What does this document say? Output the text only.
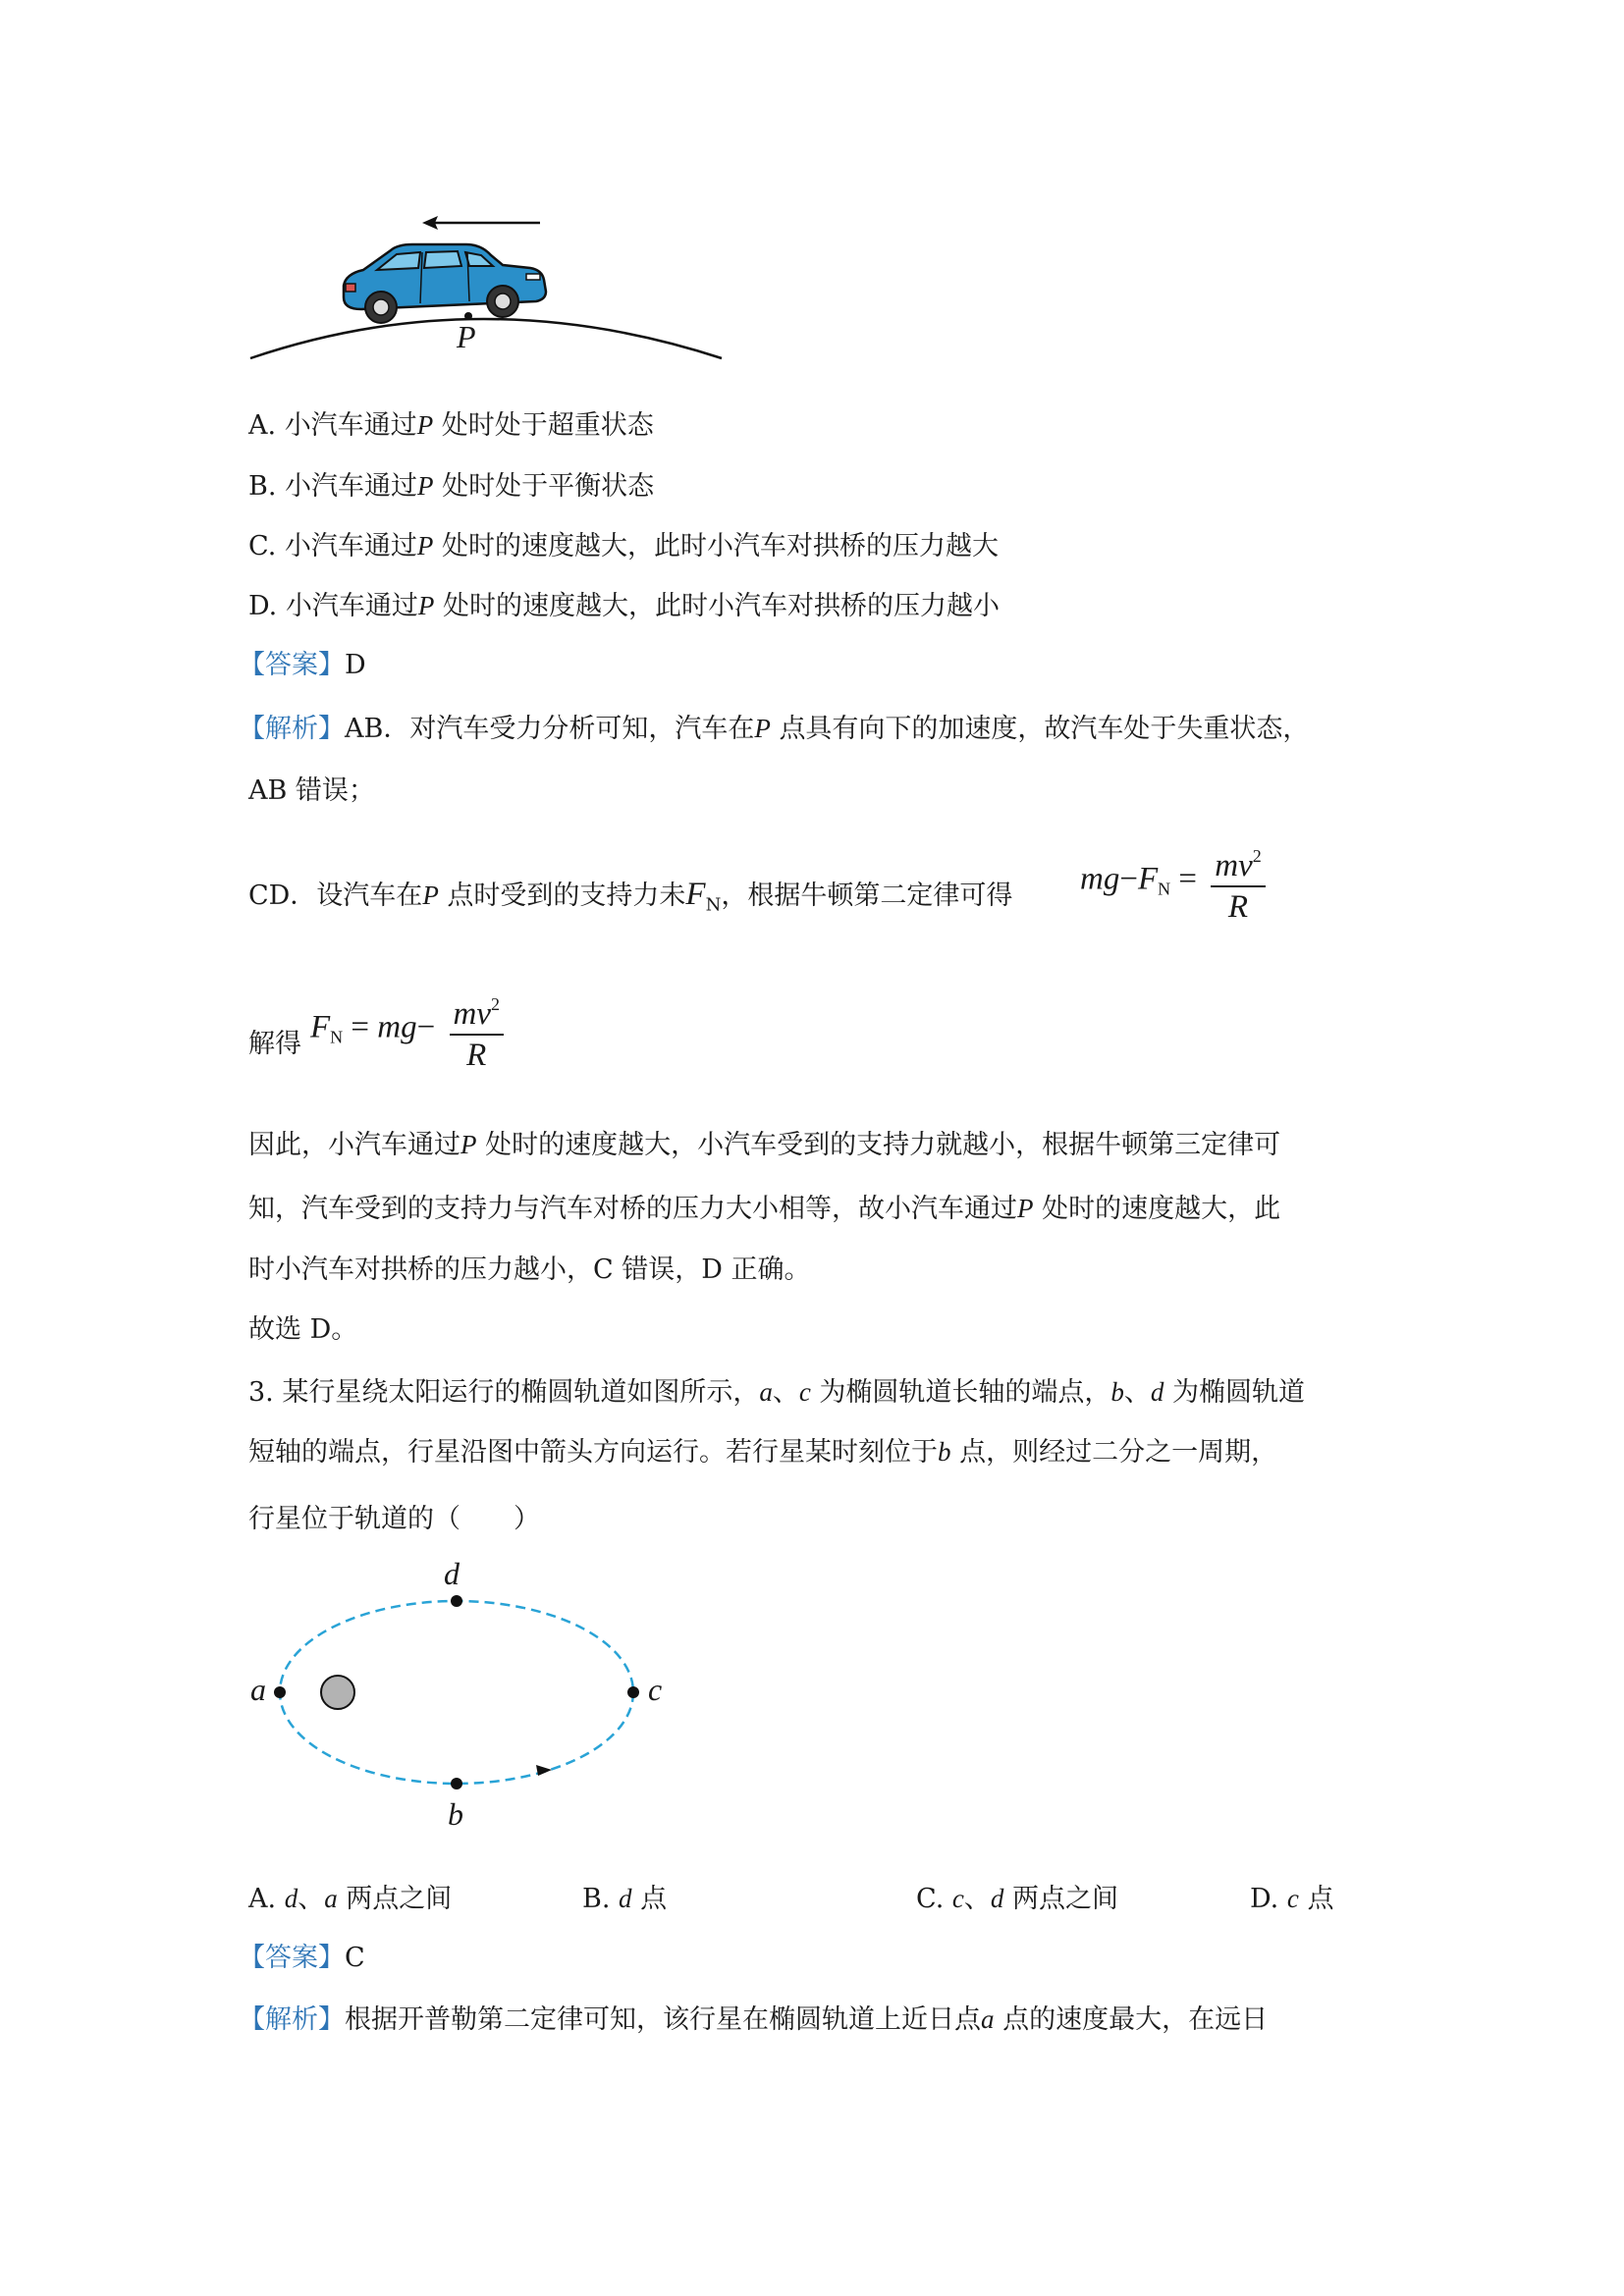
P
A. 小汽车通过P 处时处于超重状态
B. 小汽车通过P 处时处于平衡状态
C. 小汽车通过P 处时的速度越大，此时小汽车对拱桥的压力越大
D. 小汽车通过P 处时的速度越大，此时小汽车对拱桥的压力越小
【答案】D
【解析】AB．对汽车受力分析可知，汽车在P 点具有向下的加速度，故汽车处于失重状态，
AB 错误；
CD．设汽车在P 点时受到的支持力未$F_N$，根据牛顿第二定律可得 $mg-F_N = \frac{mv^2}{R}$
解得 $F_N = mg- \frac{mv^2}{R}$
因此，小汽车通过P 处时的速度越大，小汽车受到的支持力就越小，根据牛顿第三定律可
知，汽车受到的支持力与汽车对桥的压力大小相等，故小汽车通过P 处时的速度越大，此
时小汽车对拱桥的压力越小，C 错误，D 正确。
故选 D。
3. 某行星绕太阳运行的椭圆轨道如图所示，a、c 为椭圆轨道长轴的端点，b、d 为椭圆轨道
短轴的端点，行星沿图中箭头方向运行。若行星某时刻位于b 点，则经过二分之一周期，
行星位于轨道的（　　）
d
a	c
b
A. d、a 两点之间	B. d 点	C. c、d 两点之间	D. c 点
【答案】C
【解析】根据开普勒第二定律可知，该行星在椭圆轨道上近日点a 点的速度最大，在远日
